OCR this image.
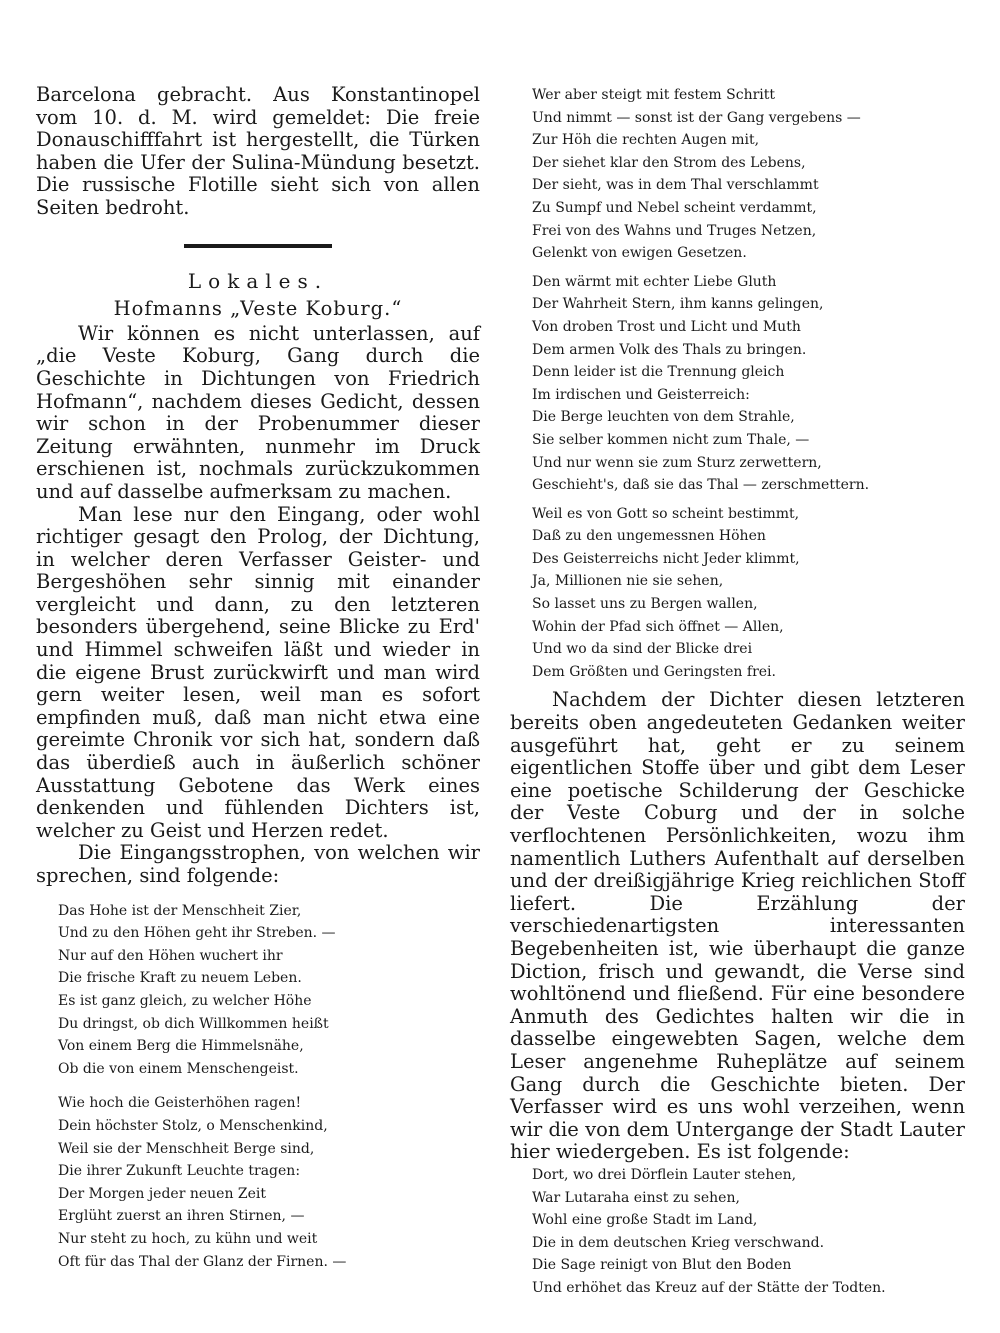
Barcelona gebracht. Aus Konstantinopel vom 10. d. M. wird gemeldet: Die freie Donauschifffahrt ist hergestellt, die Türken haben die Ufer der Sulina-Mündung besetzt. Die russische Flotille sieht sich von allen Seiten bedroht.

Lokales.

Hofmanns „Veste Koburg.“

Wir können es nicht unterlassen, auf „die Veste Koburg, Gang durch die Geschichte in Dichtungen von Friedrich Hofmann“, nachdem dieses Gedicht, dessen wir schon in der Probenummer dieser Zeitung erwähnten, nunmehr im Druck erschienen ist, nochmals zurückzukommen und auf dasselbe aufmerksam zu machen.

Man lese nur den Eingang, oder wohl richtiger gesagt den Prolog, der Dichtung, in welcher deren Verfasser Geister- und Bergeshöhen sehr sinnig mit einander vergleicht und dann, zu den letzteren besonders übergehend, seine Blicke zu Erd' und Himmel schweifen läßt und wieder in die eigene Brust zurückwirft und man wird gern weiter lesen, weil man es sofort empfinden muß, daß man nicht etwa eine gereimte Chronik vor sich hat, sondern daß das überdieß auch in äußerlich schöner Ausstattung Gebotene das Werk eines denkenden und fühlenden Dichters ist, welcher zu Geist und Herzen redet.

Die Eingangsstrophen, von welchen wir sprechen, sind folgende:

Das Hohe ist der Menschheit Zier,
Und zu den Höhen geht ihr Streben. —
Nur auf den Höhen wuchert ihr
Die frische Kraft zu neuem Leben.
Es ist ganz gleich, zu welcher Höhe
Du dringst, ob dich Willkommen heißt
Von einem Berg die Himmelsnähe,
Ob die von einem Menschengeist.
Wie hoch die Geisterhöhen ragen!
Dein höchster Stolz, o Menschenkind,
Weil sie der Menschheit Berge sind,
Die ihrer Zukunft Leuchte tragen:
Der Morgen jeder neuen Zeit
Erglüht zuerst an ihren Stirnen, —
Nur steht zu hoch, zu kühn und weit
Oft für das Thal der Glanz der Firnen. —
Wer aber steigt mit festem Schritt
Und nimmt — sonst ist der Gang vergebens —
Zur Höh die rechten Augen mit,
Der siehet klar den Strom des Lebens,
Der sieht, was in dem Thal verschlammt
Zu Sumpf und Nebel scheint verdammt,
Frei von des Wahns und Truges Netzen,
Gelenkt von ewigen Gesetzen.
Den wärmt mit echter Liebe Gluth
Der Wahrheit Stern, ihm kanns gelingen,
Von droben Trost und Licht und Muth
Dem armen Volk des Thals zu bringen.
Denn leider ist die Trennung gleich
Im irdischen und Geisterreich:
Die Berge leuchten von dem Strahle,
Sie selber kommen nicht zum Thale, —
Und nur wenn sie zum Sturz zerwettern,
Geschieht's, daß sie das Thal — zerschmettern.
Weil es von Gott so scheint bestimmt,
Daß zu den ungemessnen Höhen
Des Geisterreichs nicht Jeder klimmt,
Ja, Millionen nie sie sehen,
So lasset uns zu Bergen wallen,
Wohin der Pfad sich öffnet — Allen,
Und wo da sind der Blicke drei
Dem Größten und Geringsten frei.

Nachdem der Dichter diesen letzteren bereits oben angedeuteten Gedanken weiter ausgeführt hat, geht er zu seinem eigentlichen Stoffe über und gibt dem Leser eine poetische Schilderung der Geschicke der Veste Coburg und der in solche verflochtenen Persönlichkeiten, wozu ihm namentlich Luthers Aufenthalt auf derselben und der dreißigjährige Krieg reichlichen Stoff liefert. Die Erzählung der verschiedenartigsten interessanten Begebenheiten ist, wie überhaupt die ganze Diction, frisch und gewandt, die Verse sind wohltönend und fließend. Für eine besondere Anmuth des Gedichtes halten wir die in dasselbe eingewebten Sagen, welche dem Leser angenehme Ruheplätze auf seinem Gang durch die Geschichte bieten. Der Verfasser wird es uns wohl verzeihen, wenn wir die von dem Untergange der Stadt Lauter hier wiedergeben. Es ist folgende:

Dort, wo drei Dörflein Lauter stehen,
War Lutaraha einst zu sehen,
Wohl eine große Stadt im Land,
Die in dem deutschen Krieg verschwand.
Die Sage reinigt von Blut den Boden
Und erhöhet das Kreuz auf der Stätte der Todten.
